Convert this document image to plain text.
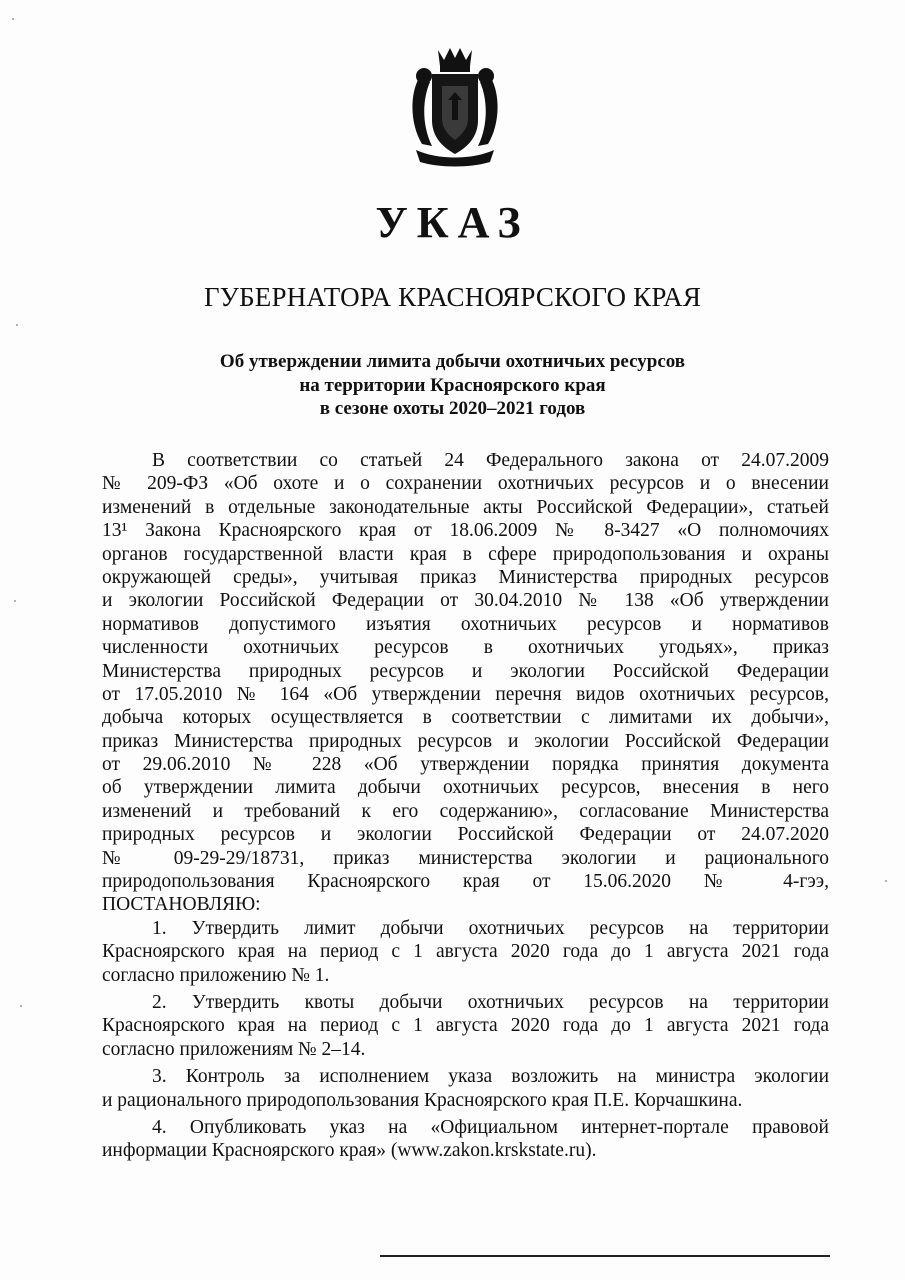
УКАЗ
ГУБЕРНАТОРА КРАСНОЯРСКОГО КРАЯ
Об утверждении лимита добычи охотничьих ресурсов
на территории Красноярского края
в сезоне охоты 2020–2021 годов
В соответствии со статьей 24 Федерального закона от 24.07.2009
№ 209-ФЗ «Об охоте и о сохранении охотничьих ресурсов и о внесении
изменений в отдельные законодательные акты Российской Федерации», статьей
13¹ Закона Красноярского края от 18.06.2009 № 8-3427 «О полномочиях
органов государственной власти края в сфере природопользования и охраны
окружающей среды», учитывая приказ Министерства природных ресурсов
и экологии Российской Федерации от 30.04.2010 № 138 «Об утверждении
нормативов допустимого изъятия охотничьих ресурсов и нормативов
численности охотничьих ресурсов в охотничьих угодьях», приказ
Министерства природных ресурсов и экологии Российской Федерации
от 17.05.2010 № 164 «Об утверждении перечня видов охотничьих ресурсов,
добыча которых осуществляется в соответствии с лимитами их добычи»,
приказ Министерства природных ресурсов и экологии Российской Федерации
от 29.06.2010 № 228 «Об утверждении порядка принятия документа
об утверждении лимита добычи охотничьих ресурсов, внесения в него
изменений и требований к его содержанию», согласование Министерства
природных ресурсов и экологии Российской Федерации от 24.07.2020
№ 09-29-29/18731, приказ министерства экологии и рационального
природопользования Красноярского края от 15.06.2020 № 4-гээ,
ПОСТАНОВЛЯЮ:
1. Утвердить лимит добычи охотничьих ресурсов на территории
Красноярского края на период с 1 августа 2020 года до 1 августа 2021 года
согласно приложению № 1.
2. Утвердить квоты добычи охотничьих ресурсов на территории
Красноярского края на период с 1 августа 2020 года до 1 августа 2021 года
согласно приложениям № 2–14.
3. Контроль за исполнением указа возложить на министра экологии
и рационального природопользования Красноярского края П.Е. Корчашкина.
4. Опубликовать указ на «Официальном интернет-портале правовой
информации Красноярского края» (www.zakon.krskstate.ru).
